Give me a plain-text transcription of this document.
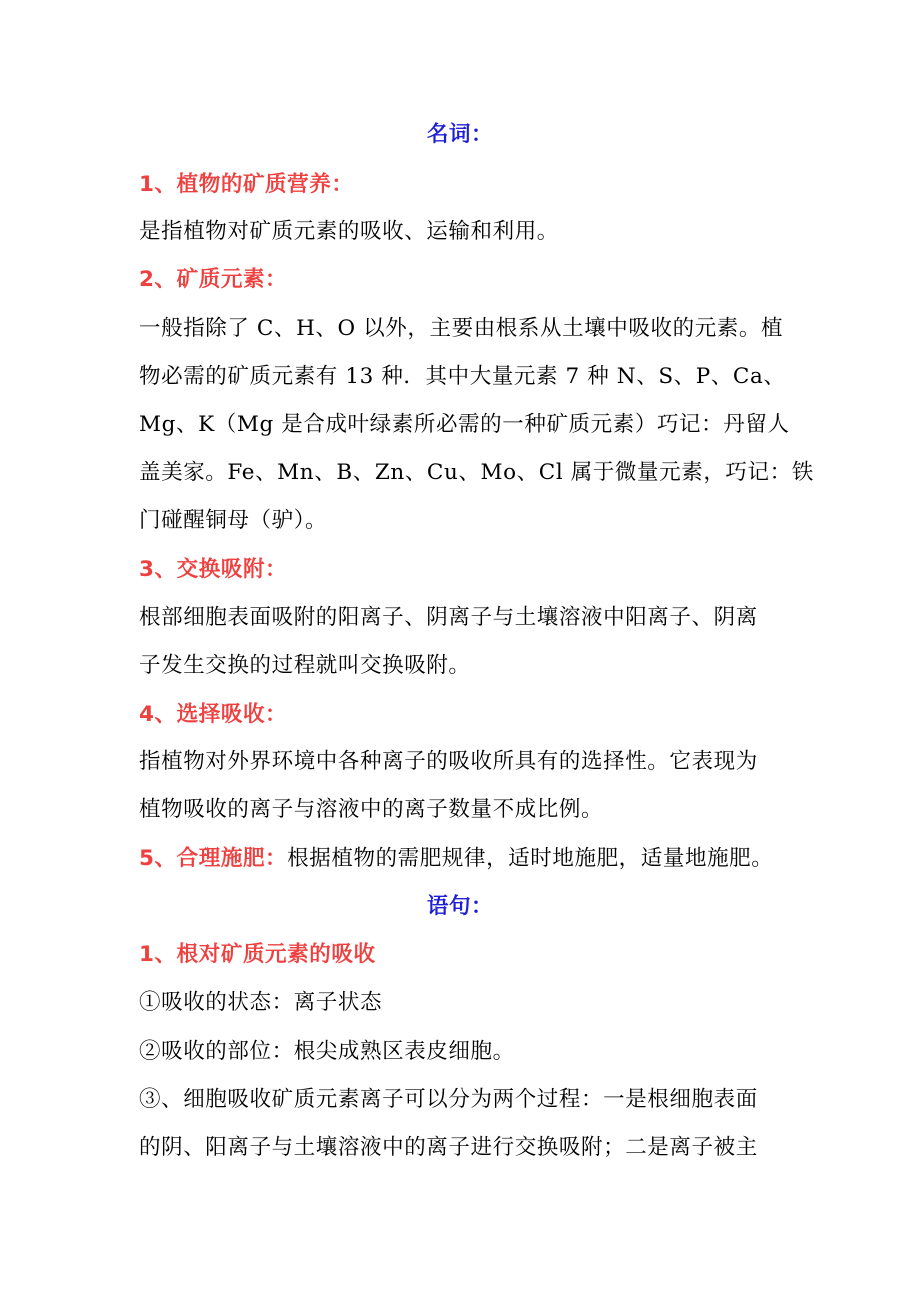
名词：
1、植物的矿质营养：
是指植物对矿质元素的吸收、运输和利用。
2、矿质元素：
一般指除了 C、H、O 以外，主要由根系从土壤中吸收的元素。植
物必需的矿质元素有 13 种．其中大量元素 7 种 N、S、P、Ca、
Mg、K（Mg 是合成叶绿素所必需的一种矿质元素）巧记：丹留人
盖美家。Fe、Mn、B、Zn、Cu、Mo、Cl 属于微量元素，巧记：铁
门碰醒铜母（驴）。
3、交换吸附：
根部细胞表面吸附的阳离子、阴离子与土壤溶液中阳离子、阴离
子发生交换的过程就叫交换吸附。
4、选择吸收：
指植物对外界环境中各种离子的吸收所具有的选择性。它表现为
植物吸收的离子与溶液中的离子数量不成比例。
5、合理施肥：根据植物的需肥规律，适时地施肥，适量地施肥。
语句：
1、根对矿质元素的吸收
①吸收的状态：离子状态
②吸收的部位：根尖成熟区表皮细胞。
③、细胞吸收矿质元素离子可以分为两个过程：一是根细胞表面
的阴、阳离子与土壤溶液中的离子进行交换吸附；二是离子被主
